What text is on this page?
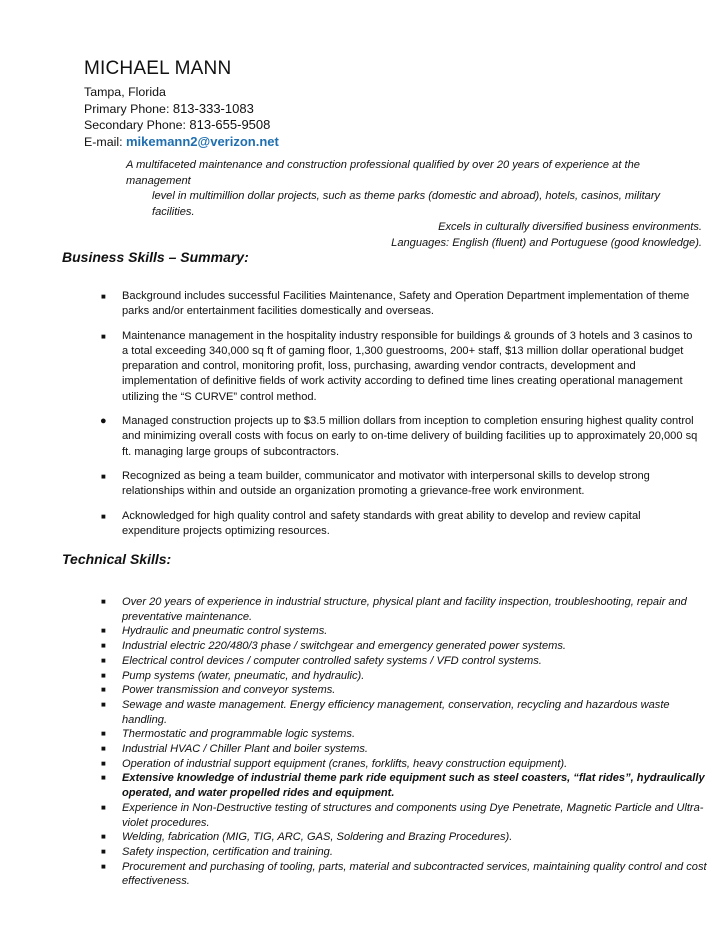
MICHAEL MANN

Tampa, Florida

Primary Phone: 813-333-1083

Secondary Phone: 813-655-9508

E-mail: mikemann2@verizon.net

A multifaceted maintenance and construction professional qualified by over 20 years of experience at the management

level in multimillion dollar projects, such as theme parks (domestic and abroad), hotels, casinos, military facilities.

Excels in culturally diversified business environments.

Languages: English (fluent) and Portuguese (good knowledge).

Business Skills – Summary:
■ Background includes successful Facilities Maintenance, Safety and Operation Department implementation of theme parks and/or entertainment facilities domestically and overseas.
■ Maintenance management in the hospitality industry responsible for buildings & grounds of 3 hotels and 3 casinos to a total exceeding 340,000 sq ft of gaming floor, 1,300 guestrooms, 200+ staff, $13 million dollar operational budget preparation and control, monitoring profit, loss, purchasing, awarding vendor contracts, development and implementation of definitive fields of work activity according to defined time lines creating operational management utilizing the “S CURVE” control method.
● Managed construction projects up to $3.5 million dollars from inception to completion ensuring highest quality control and minimizing overall costs with focus on early to on-time delivery of building facilities up to approximately 20,000 sq ft. managing large groups of subcontractors.
■ Recognized as being a team builder, communicator and motivator with interpersonal skills to develop strong relationships within and outside an organization promoting a grievance-free work environment.
■ Acknowledged for high quality control and safety standards with great ability to develop and review capital expenditure projects optimizing resources.
Technical Skills:
■ Over 20 years of experience in industrial structure, physical plant and facility inspection, troubleshooting, repair and preventative maintenance.
■ Hydraulic and pneumatic control systems.
■ Industrial electric 220/480/3 phase / switchgear and emergency generated power systems.
■ Electrical control devices / computer controlled safety systems / VFD control systems.
■ Pump systems (water, pneumatic, and hydraulic).
■ Power transmission and conveyor systems.
■ Sewage and waste management. Energy efficiency management, conservation, recycling and hazardous waste handling.
■ Thermostatic and programmable logic systems.
■ Industrial HVAC / Chiller Plant and boiler systems.
■ Operation of industrial support equipment (cranes, forklifts, heavy construction equipment).
■ Extensive knowledge of industrial theme park ride equipment such as steel coasters, “flat rides”, hydraulically operated, and water propelled rides and equipment.
■ Experience in Non-Destructive testing of structures and components using Dye Penetrate, Magnetic Particle and Ultra-violet procedures.
■ Welding, fabrication (MIG, TIG, ARC, GAS, Soldering and Brazing Procedures).
■ Safety inspection, certification and training.
■ Procurement and purchasing of tooling, parts, material and subcontracted services, maintaining quality control and cost effectiveness.
